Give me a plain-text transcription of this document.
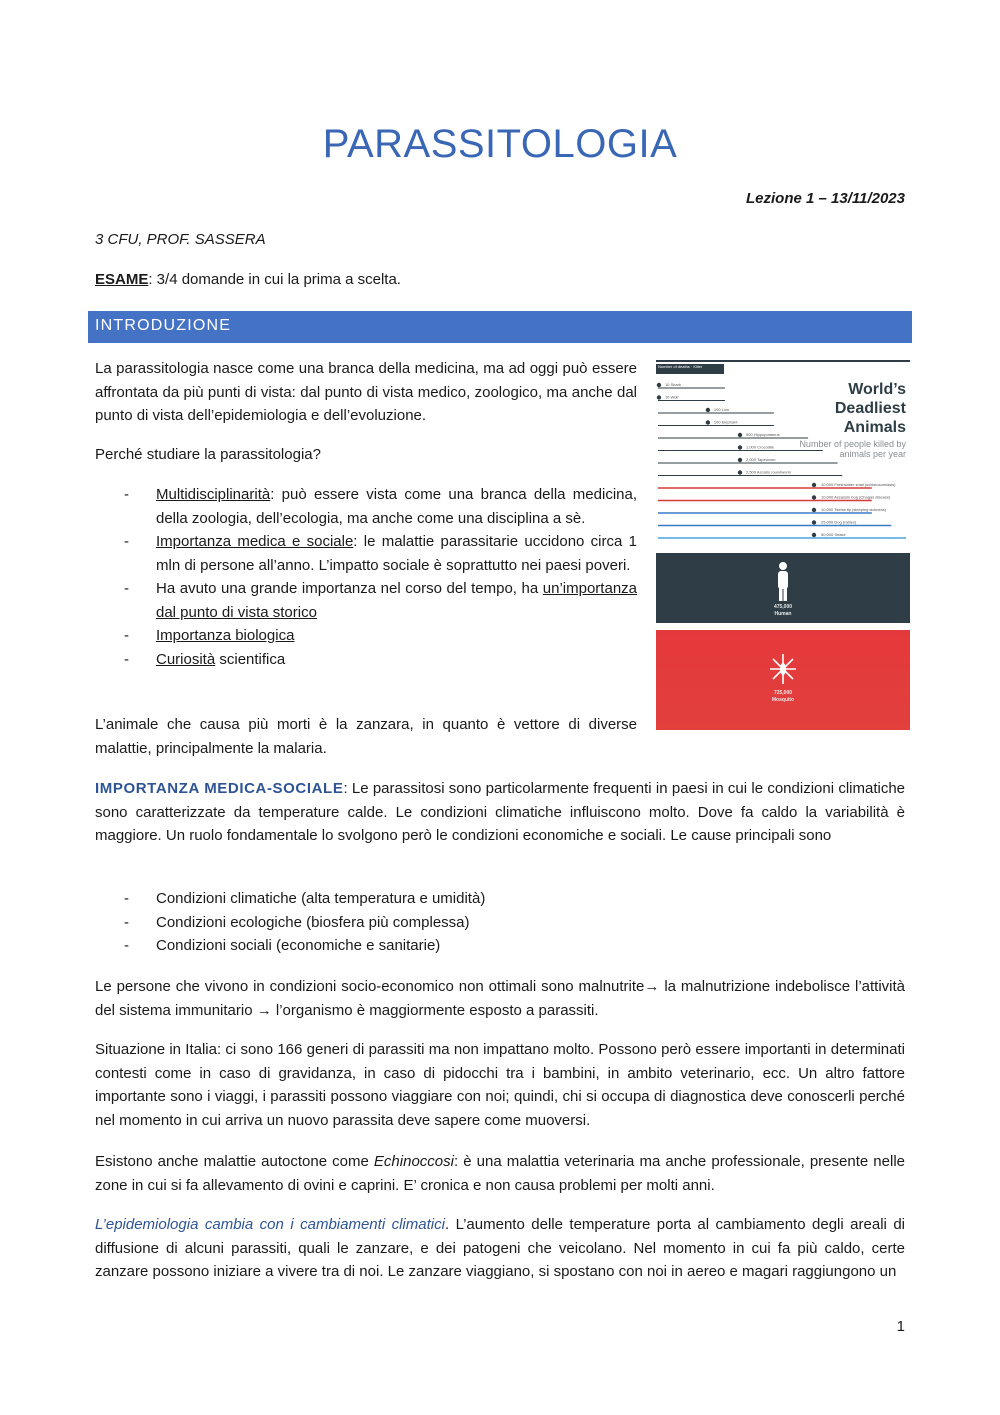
PARASSITOLOGIA
Lezione 1 – 13/11/2023
3 CFU, PROF. SASSERA
ESAME: 3/4 domande in cui la prima a scelta.
INTRODUZIONE
La parassitologia nasce come una branca della medicina, ma ad oggi può essere affrontata da più punti di vista: dal punto di vista medico, zoologico, ma anche dal punto di vista dell’epidemiologia e dell’evoluzione.
Perché studiare la parassitologia?
- Multidisciplinarità: può essere vista come una branca della medicina, della zoologia, dell’ecologia, ma anche come una disciplina a sè.
- Importanza medica e sociale: le malattie parassitarie uccidono circa 1 mln di persone all’anno. L’impatto sociale è soprattutto nei paesi poveri.
- Ha avuto una grande importanza nel corso del tempo, ha un’importanza dal punto di vista storico
- Importanza biologica
- Curiosità scientifica
L’animale che causa più morti è la zanzara, in quanto è vettore di diverse malattie, principalmente la malaria.
Number of deaths · Killer
10 Shark
10 Wolf
100 Lion
100 Elephant
500 Hippopotamus
1,000 Crocodile
2,000 Tapeworm
2,500 Ascaris roundworm
10,000 Freshwater snail (schistosomiasis)
10,000 Assassin bug (Chagas disease)
10,000 Tsetse fly (sleeping sickness)
25,000 Dog (rabies)
50,000 Snake
World’s Deadliest Animals
Number of people killed by animals per year
475,000
Human
725,000
Mosquito
IMPORTANZA MEDICA-SOCIALE: Le parassitosi sono particolarmente frequenti in paesi in cui le condizioni climatiche sono caratterizzate da temperature calde. Le condizioni climatiche influiscono molto. Dove fa caldo la variabilità è maggiore. Un ruolo fondamentale lo svolgono però le condizioni economiche e sociali. Le cause principali sono
- Condizioni climatiche (alta temperatura e umidità)
- Condizioni ecologiche (biosfera più complessa)
- Condizioni sociali (economiche e sanitarie)
Le persone che vivono in condizioni socio-economico non ottimali sono malnutrite→ la malnutrizione indebolisce l’attività del sistema immunitario → l’organismo è maggiormente esposto a parassiti.
Situazione in Italia: ci sono 166 generi di parassiti ma non impattano molto. Possono però essere importanti in determinati contesti come in caso di gravidanza, in caso di pidocchi tra i bambini, in ambito veterinario, ecc. Un altro fattore importante sono i viaggi, i parassiti possono viaggiare con noi; quindi, chi si occupa di diagnostica deve conoscerli perché nel momento in cui arriva un nuovo parassita deve sapere come muoversi.
Esistono anche malattie autoctone come Echinoccosi: è una malattia veterinaria ma anche professionale, presente nelle zone in cui si fa allevamento di ovini e caprini. E’ cronica e non causa problemi per molti anni.
L’epidemiologia cambia con i cambiamenti climatici. L’aumento delle temperature porta al cambiamento degli areali di diffusione di alcuni parassiti, quali le zanzare, e dei patogeni che veicolano. Nel momento in cui fa più caldo, certe zanzare possono iniziare a vivere tra di noi. Le zanzare viaggiano, si spostano con noi in aereo e magari raggiungono un
1
